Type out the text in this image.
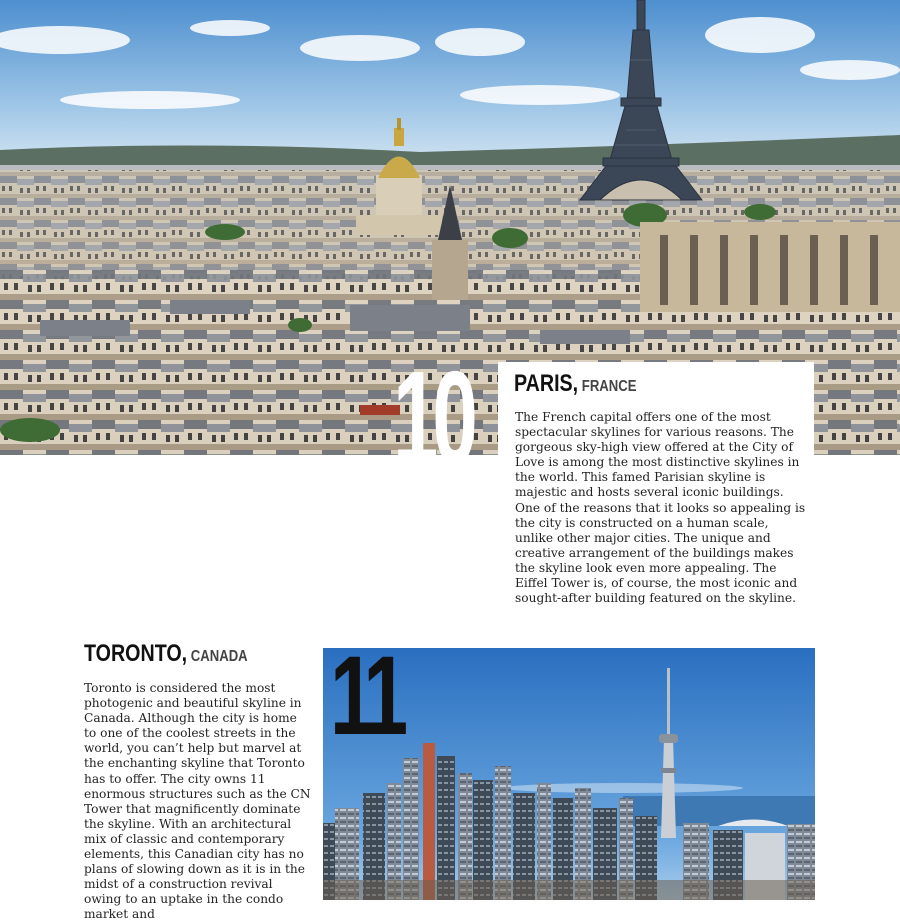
10 PARIS, FRANCE

The French capital offers one of the most spectacular skylines for various reasons. The gorgeous sky-high view offered at the City of Love is among the most distinctive skylines in the world. This famed Parisian skyline is majestic and hosts several iconic buildings. One of the reasons that it looks so appealing is the city is constructed on a human scale, unlike other major cities. The unique and creative arrangement of the buildings makes the skyline look even more appealing. The Eiffel Tower is, of course, the most iconic and sought-after building featured on the skyline.

TORONTO, CANADA

Toronto is considered the most photogenic and beautiful skyline in Canada. Although the city is home to one of the coolest streets in the world, you can’t help but marvel at the enchanting skyline that Toronto has to offer. The city owns 11 enormous structures such as the CN Tower that magnificently dominate the skyline. With an architectural mix of classic and contemporary elements, this Canadian city has no plans of slowing down as it is in the midst of a construction revival owing to an uptake in the condo market and

11
